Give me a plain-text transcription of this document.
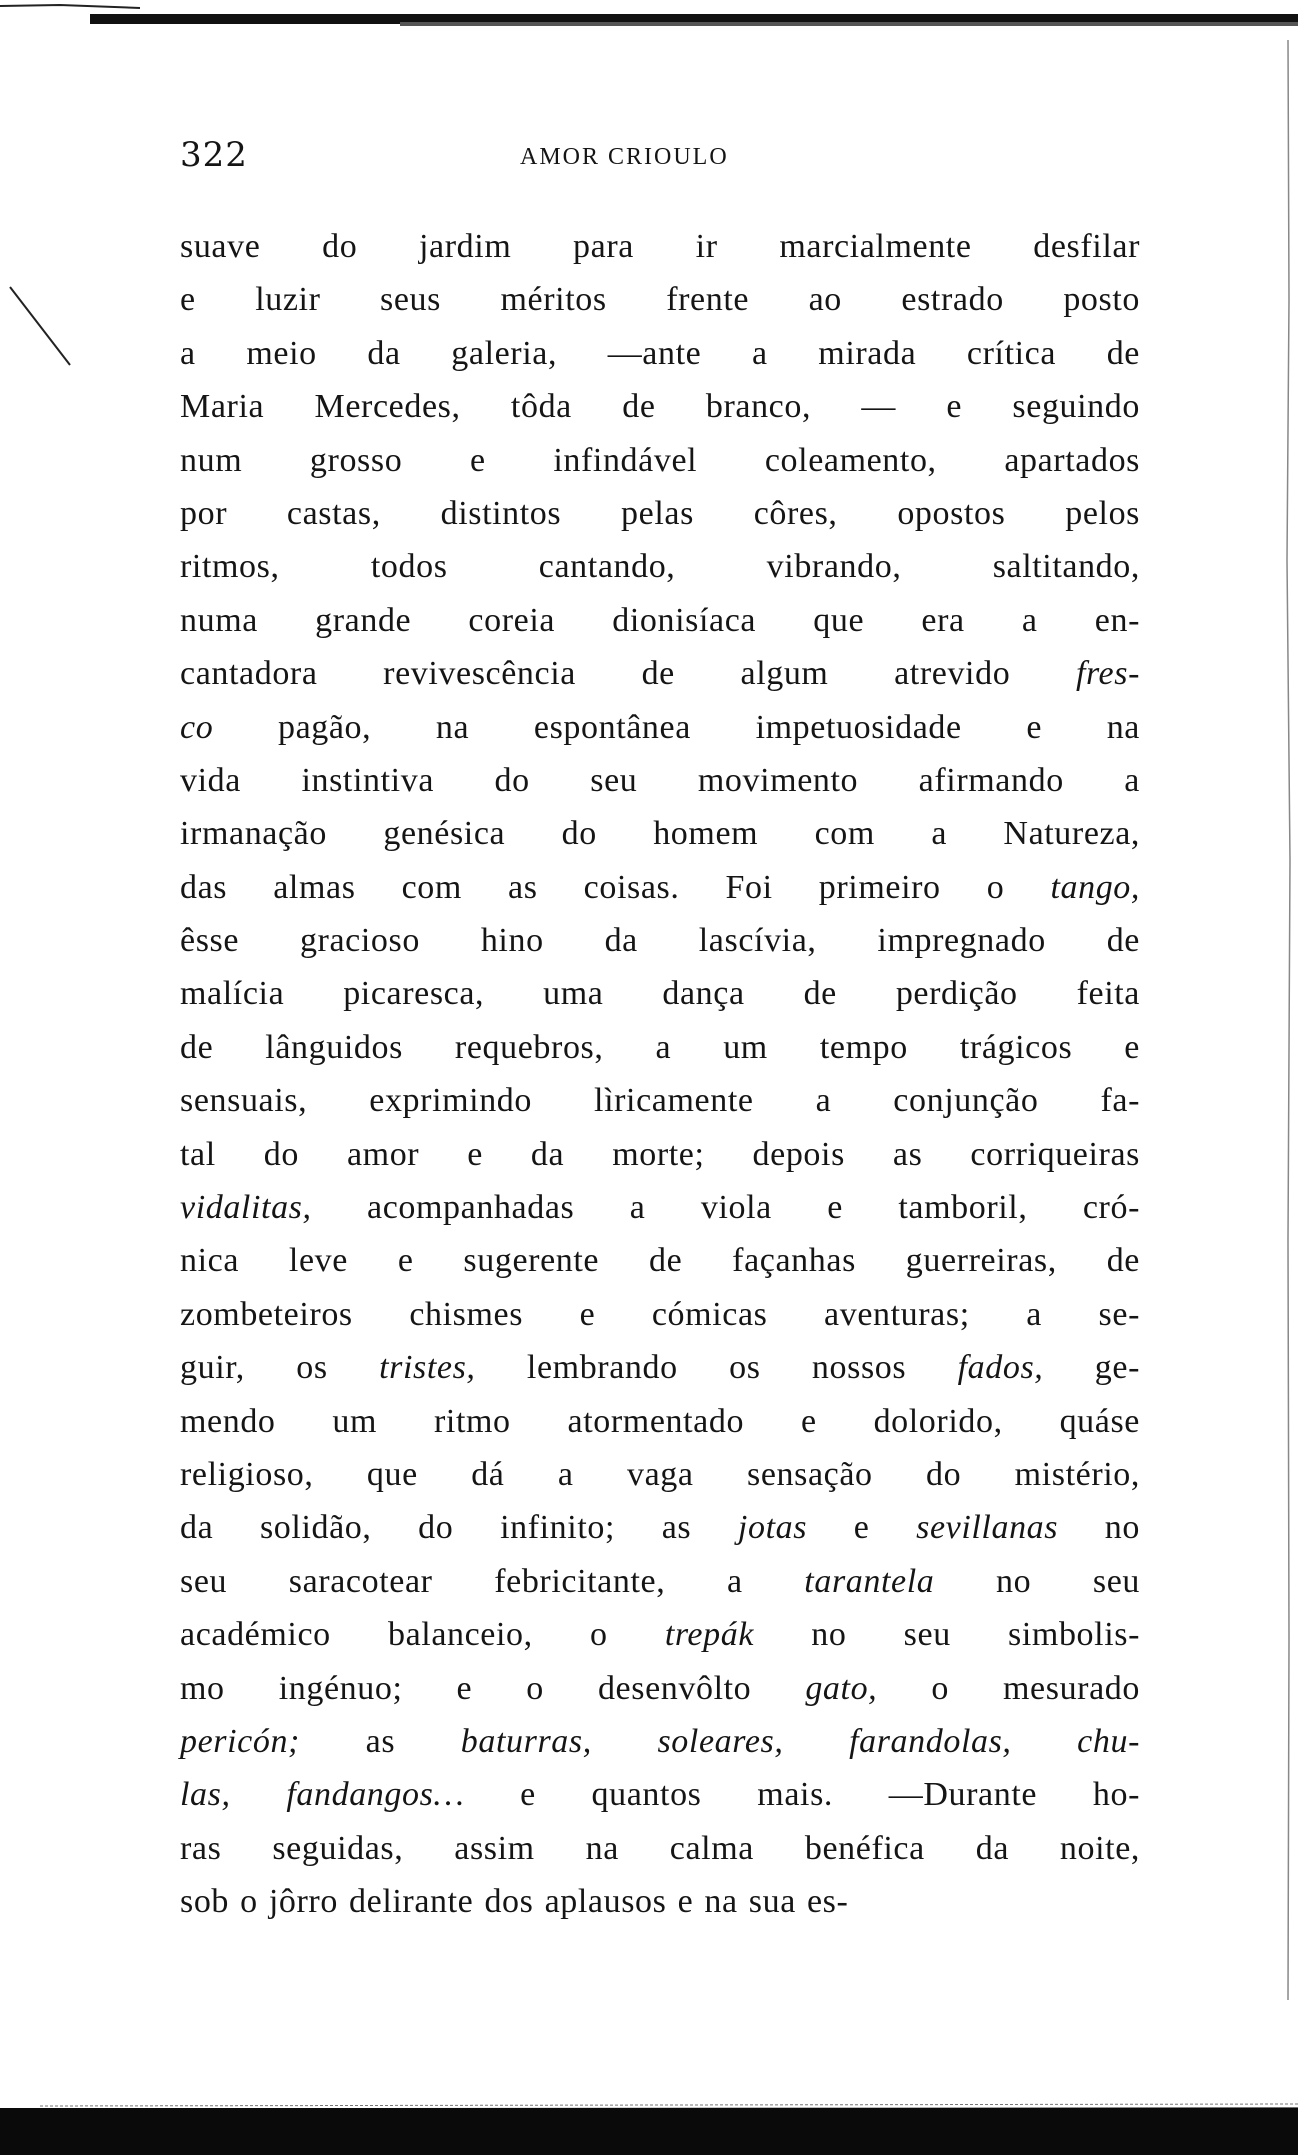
322	AMOR CRIOULO
suave do jardim para ir marcialmente desfilar
e luzir seus méritos frente ao estrado posto
a meio da galeria, —ante a mirada crítica de
Maria Mercedes, tôda de branco, — e seguindo
num grosso e infindável coleamento, apartados
por castas, distintos pelas côres, opostos pelos
ritmos, todos cantando, vibrando, saltitando,
numa grande coreia dionisíaca que era a en-
cantadora revivescência de algum atrevido fres-
co pagão, na espontânea impetuosidade e na
vida instintiva do seu movimento afirmando a
irmanação genésica do homem com a Natureza,
das almas com as coisas. Foi primeiro o tango,
êsse gracioso hino da lascívia, impregnado de
malícia picaresca, uma dança de perdição feita
de lânguidos requebros, a um tempo trágicos e
sensuais, exprimindo lìricamente a conjunção fa-
tal do amor e da morte; depois as corriqueiras
vidalitas, acompanhadas a viola e tamboril, cró-
nica leve e sugerente de façanhas guerreiras, de
zombeteiros chismes e cómicas aventuras; a se-
guir, os tristes, lembrando os nossos fados, ge-
mendo um ritmo atormentado e dolorido, quáse
religioso, que dá a vaga sensação do mistério,
da solidão, do infinito; as jotas e sevillanas no
seu saracotear febricitante, a tarantela no seu
académico balanceio, o trepák no seu simbolis-
mo ingénuo; e o desenvôlto gato, o mesurado
pericón; as baturras, soleares, farandolas, chu-
las, fandangos… e quantos mais. —Durante ho-
ras seguidas, assim na calma benéfica da noite,
sob o jôrro delirante dos aplausos e na sua es-
